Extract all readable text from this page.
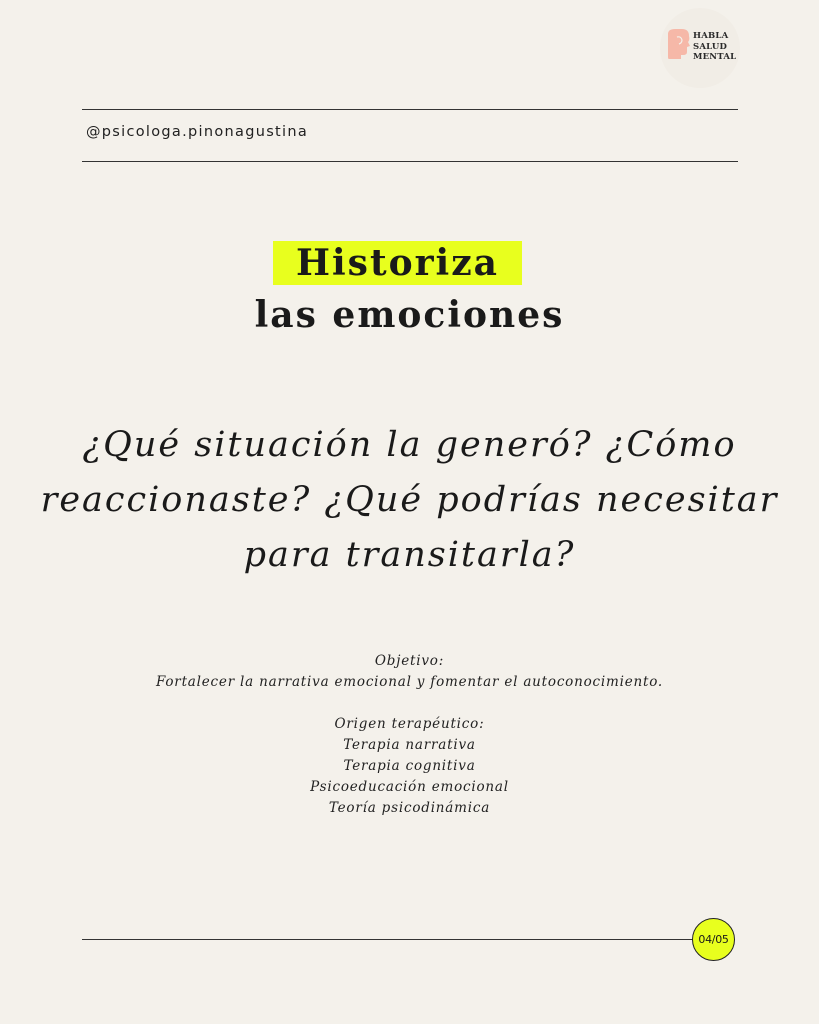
HABLA
SALUD
MENTAL
@psicologa.pinonagustina
Historiza
las emociones
¿Qué situación la generó? ¿Cómo
reaccionaste? ¿Qué podrías necesitar
para transitarla?
Objetivo:
Fortalecer la narrativa emocional y fomentar el autoconocimiento.
Origen terapéutico:
Terapia narrativa
Terapia cognitiva
Psicoeducación emocional
Teoría psicodinámica
04/05
